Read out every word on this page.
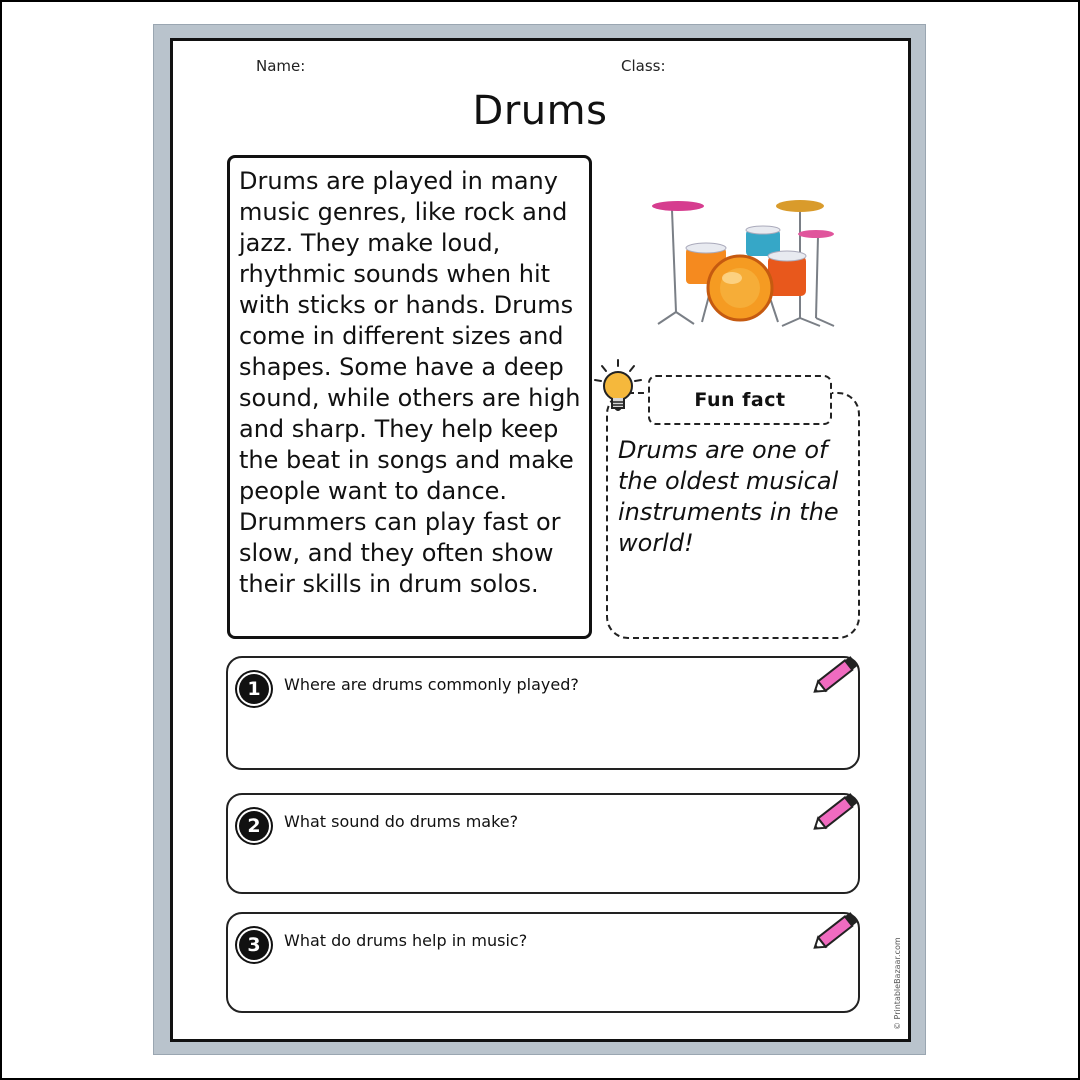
Name:	Class:
Drums

Drums are played in many music genres, like rock and jazz. They make loud, rhythmic sounds when hit with sticks or hands. Drums come in different sizes and shapes. Some have a deep sound, while others are high and sharp. They help keep the beat in songs and make people want to dance. Drummers can play fast or slow, and they often show their skills in drum solos.

Fun fact
Drums are one of the oldest musical instruments in the world!
1	Where are drums commonly played?
2	What sound do drums make?
3	What do drums help in music?	© PrintableBazaar.com
